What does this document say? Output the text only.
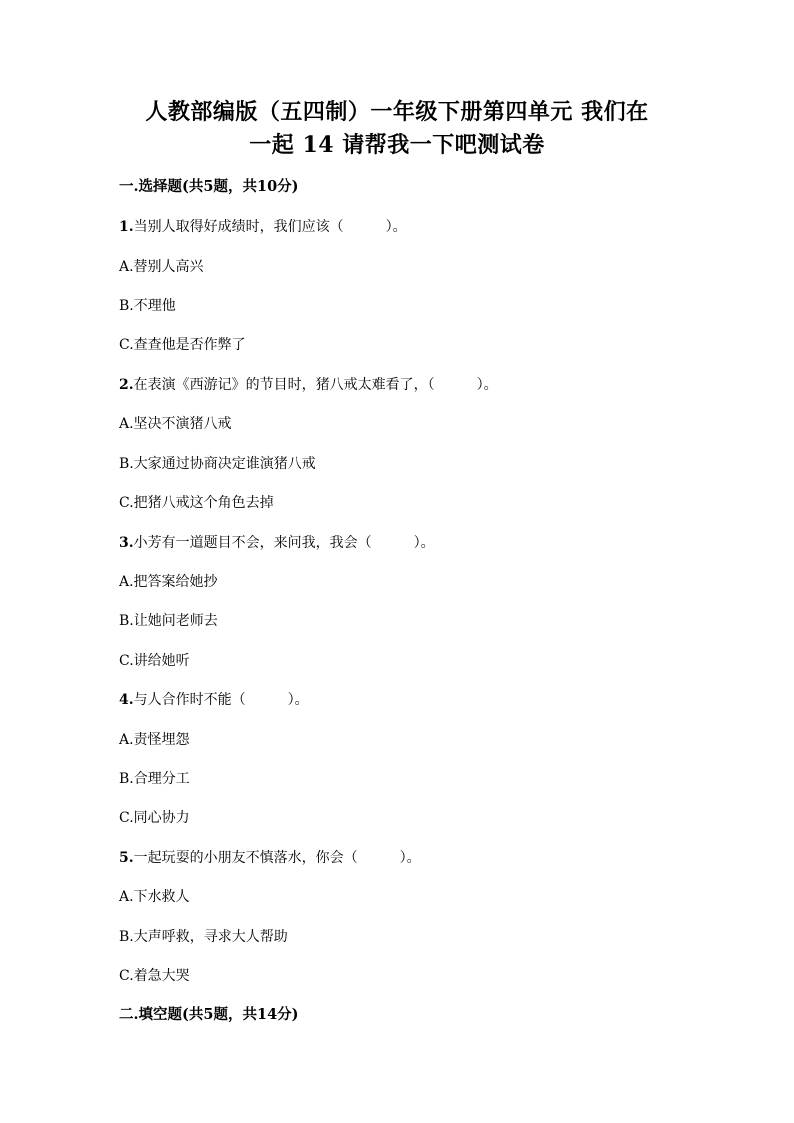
人教部编版（五四制）一年级下册第四单元 我们在
一起 14 请帮我一下吧测试卷
一.选择题(共5题，共10分)
1.当别人取得好成绩时，我们应该（　　　）。
A.替别人高兴
B.不理他
C.查查他是否作弊了
2.在表演《西游记》的节目时，猪八戒太难看了，（　　　）。
A.坚决不演猪八戒
B.大家通过协商决定谁演猪八戒
C.把猪八戒这个角色去掉
3.小芳有一道题目不会，来问我，我会（　　　）。
A.把答案给她抄
B.让她问老师去
C.讲给她听
4.与人合作时不能（　　　）。
A.责怪埋怨
B.合理分工
C.同心协力
5.一起玩耍的小朋友不慎落水，你会（　　　）。
A.下水救人
B.大声呼救，寻求大人帮助
C.着急大哭
二.填空题(共5题，共14分)
